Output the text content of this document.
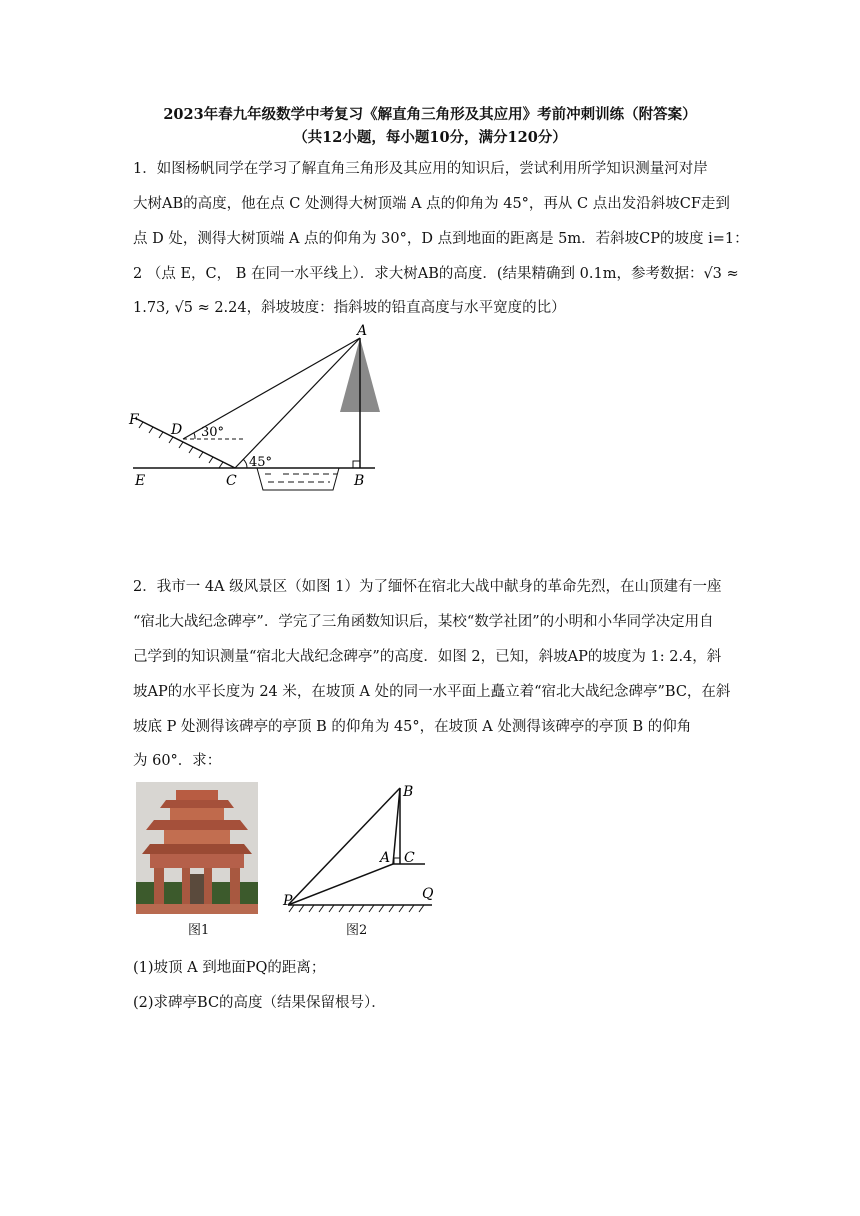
2023年春九年级数学中考复习《解直角三角形及其应用》考前冲刺训练（附答案）
（共12小题，每小题10分，满分120分）
1．如图杨帆同学在学习了解直角三角形及其应用的知识后，尝试利用所学知识测量河对岸
大树AB的高度，他在点 C 处测得大树顶端 A 点的仰角为 45°，再从 C 点出发沿斜坡CF走到
点 D 处，测得大树顶端 A 点的仰角为 30°，D 点到地面的距离是 5m．若斜坡CP的坡度 i=1：
2 （点 E，C， B 在同一水平线上）．求大树AB的高度．(结果精确到 0.1m，参考数据：√3 ≈
1.73, √5 ≈ 2.24，斜坡坡度：指斜坡的铅直高度与水平宽度的比）
A
F
D
E	C	B
30°
45°
2．我市一 4A 级风景区（如图 1）为了缅怀在宿北大战中献身的革命先烈，在山顶建有一座
“宿北大战纪念碑亭”．学完了三角函数知识后，某校“数学社团”的小明和小华同学决定用自
己学到的知识测量“宿北大战纪念碑亭”的高度．如图 2，已知，斜坡AP的坡度为 1: 2.4，斜
坡AP的水平长度为 24 米，在坡顶 A 处的同一水平面上矗立着“宿北大战纪念碑亭”BC，在斜
坡底 P 处测得该碑亭的亭顶 B 的仰角为 45°，在坡顶 A 处测得该碑亭的亭顶 B 的仰角
为 60°．求：
图1
B
A C
P	Q
图2
(1)坡顶 A 到地面PQ的距离；
(2)求碑亭BC的高度（结果保留根号）．
